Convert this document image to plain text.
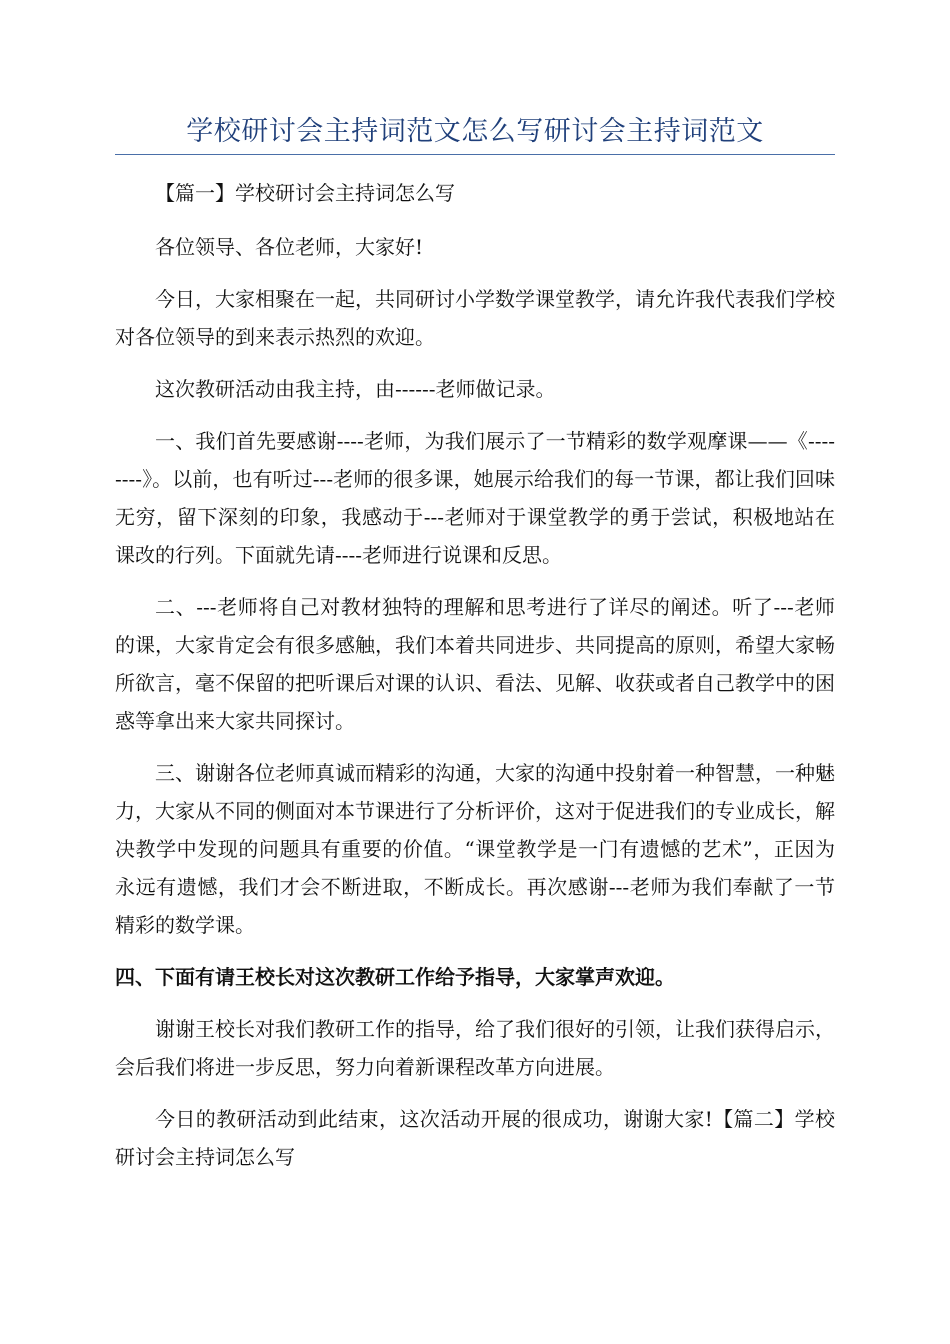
学校研讨会主持词范文怎么写研讨会主持词范文

【篇一】学校研讨会主持词怎么写

各位领导、各位老师，大家好!

今日，大家相聚在一起，共同研讨小学数学课堂教学，请允许我代表我们学校对各位领导的到来表示热烈的欢迎。

这次教研活动由我主持，由------老师做记录。

一、我们首先要感谢----老师，为我们展示了一节精彩的数学观摩课——《--------》。以前，也有听过---老师的很多课，她展示给我们的每一节课，都让我们回味无穷，留下深刻的印象，我感动于---老师对于课堂教学的勇于尝试，积极地站在课改的行列。下面就先请----老师进行说课和反思。

二、---老师将自己对教材独特的理解和思考进行了详尽的阐述。听了---老师的课，大家肯定会有很多感触，我们本着共同进步、共同提高的原则，希望大家畅所欲言，毫不保留的把听课后对课的认识、看法、见解、收获或者自己教学中的困惑等拿出来大家共同探讨。

三、谢谢各位老师真诚而精彩的沟通，大家的沟通中投射着一种智慧，一种魅力，大家从不同的侧面对本节课进行了分析评价，这对于促进我们的专业成长，解决教学中发现的问题具有重要的价值。“课堂教学是一门有遗憾的艺术”，正因为永远有遗憾，我们才会不断进取，不断成长。再次感谢---老师为我们奉献了一节精彩的数学课。

四、下面有请王校长对这次教研工作给予指导，大家掌声欢迎。

谢谢王校长对我们教研工作的指导，给了我们很好的引领，让我们获得启示，会后我们将进一步反思，努力向着新课程改革方向进展。

今日的教研活动到此结束，这次活动开展的很成功，谢谢大家!【篇二】学校研讨会主持词怎么写
